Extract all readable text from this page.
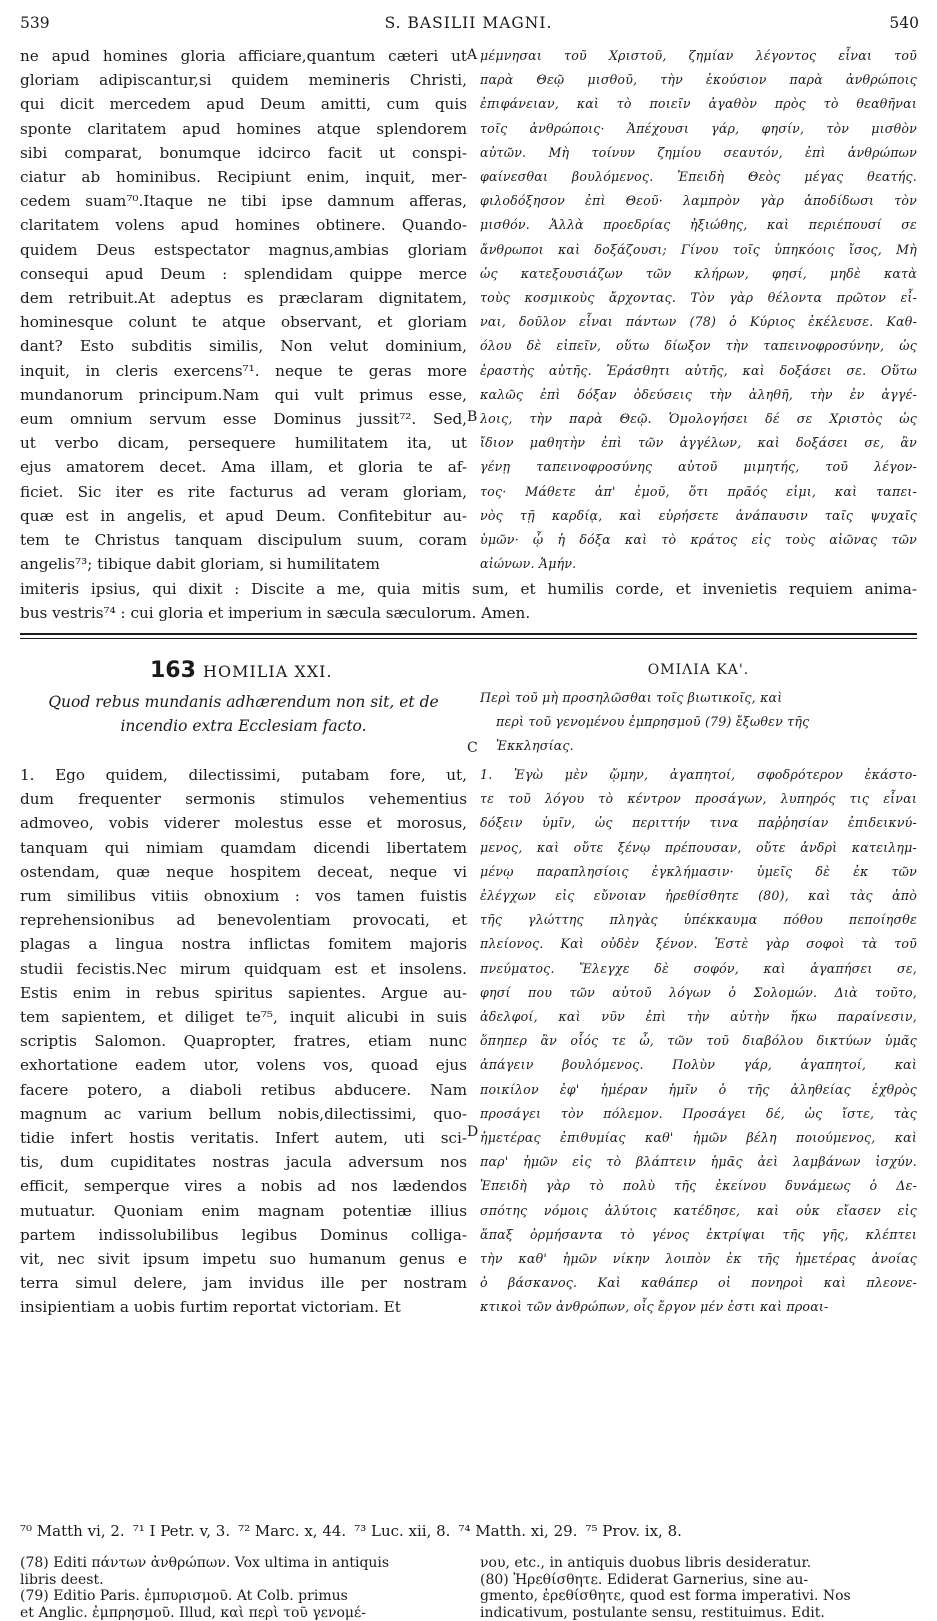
539	S. BASILII MAGNI.	540
ne apud homines gloria afficiare,quantum cæteri ut
gloriam adipiscantur,si quidem memineris Christi,
qui dicit mercedem apud Deum amitti, cum quis
sponte claritatem apud homines atque splendorem
sibi comparat, bonumque idcirco facit ut conspi-
ciatur ab hominibus. Recipiunt enim, inquit, mer-
cedem suam⁷⁰.Itaque ne tibi ipse damnum afferas,
claritatem volens apud homines obtinere. Quando-
quidem Deus estspectator magnus,ambias gloriam
consequi apud Deum : splendidam quippe merce
dem retribuit.At adeptus es præclaram dignitatem,
hominesque colunt te atque observant, et gloriam
dant? Esto subditis similis, Non velut dominium,
inquit, in cleris exercens⁷¹. neque te geras more
mundanorum principum.Nam qui vult primus esse,
eum omnium servum esse Dominus jussit⁷². Sed,
ut verbo dicam, persequere humilitatem ita, ut
ejus amatorem decet. Ama illam, et gloria te af-
ficiet. Sic iter es rite facturus ad veram gloriam,
quæ est in angelis, et apud Deum. Confitebitur au-
tem te Christus tanquam discipulum suum, coram
angelis⁷³; tibique dabit gloriam, si humilitatem
μέμνησαι τοῦ Χριστοῦ, ζημίαν λέγοντος εἶναι τοῦ
παρὰ Θεῷ μισθοῦ, τὴν ἑκούσιον παρὰ ἀνθρώποις
ἐπιφάνειαν, καὶ τὸ ποιεῖν ἀγαθὸν πρὸς τὸ θεαθῆναι
τοῖς ἀνθρώποις· Ἀπέχουσι γάρ, φησίν, τὸν μισθὸν
αὐτῶν. Μὴ τοίνυν ζημίου σεαυτόν, ἐπὶ ἀνθρώπων
φαίνεσθαι βουλόμενος. Ἐπειδὴ Θεὸς μέγας θεατής.
φιλοδόξησον ἐπὶ Θεοῦ· λαμπρὸν γὰρ ἀποδίδωσι τὸν
μισθόν. Ἀλλὰ προεδρίας ἠξιώθης, καὶ περιέπουσί σε
ἄνθρωποι καὶ δοξάζουσι; Γίνου τοῖς ὑπηκόοις ἴσος, Μὴ
ὡς κατεξουσιάζων τῶν κλήρων, φησί, μηδὲ κατὰ
τοὺς κοσμικοὺς ἄρχοντας. Τὸν γὰρ θέλοντα πρῶτον εἶ-
ναι, δοῦλον εἶναι πάντων (78) ὁ Κύριος ἐκέλευσε. Καθ-
όλου δὲ εἰπεῖν, οὕτω δίωξον τὴν ταπεινοφροσύνην, ὡς
ἐραστὴς αὐτῆς. Ἐράσθητι αὐτῆς, καὶ δοξάσει σε. Οὕτω
καλῶς ἐπὶ δόξαν ὁδεύσεις τὴν ἀληθῆ, τὴν ἐν ἀγγέ-
λοις, τὴν παρὰ Θεῷ. Ὁμολογήσει δέ σε Χριστὸς ὡς
ἴδιον μαθητὴν ἐπὶ τῶν ἀγγέλων, καὶ δοξάσει σε, ἂν
γένῃ ταπεινοφροσύνης αὐτοῦ μιμητής, τοῦ λέγον-
τος· Μάθετε ἀπ' ἐμοῦ, ὅτι πρᾶός εἰμι, καὶ ταπει-
νὸς τῇ καρδίᾳ, καὶ εὑρήσετε ἀνάπαυσιν ταῖς ψυχαῖς
ὑμῶν· ᾧ ἡ δόξα καὶ τὸ κράτος εἰς τοὺς αἰῶνας τῶν
αἰώνων. Ἀμήν.
imiteris ipsius, qui dixit : Discite a me, quia mitis sum, et humilis corde, et invenietis requiem anima-
bus vestris⁷⁴ : cui gloria et imperium in sæcula sæculorum. Amen.
A
B
C
D
163 HOMILIA XXI.
Quod rebus mundanis adhærendum non sit, et de
incendio extra Ecclesiam facto.
ΟΜΙΛΙΑ ΚΑ'.
Περὶ τοῦ μὴ προσηλῶσθαι τοῖς βιωτικοῖς, καὶ
περὶ τοῦ γενομένου ἐμπρησμοῦ (79) ἔξωθεν τῆς
Ἐκκλησίας.
1. Ego quidem, dilectissimi, putabam fore, ut,
dum frequenter sermonis stimulos vehementius
admoveo, vobis viderer molestus esse et morosus,
tanquam qui nimiam quamdam dicendi libertatem
ostendam, quæ neque hospitem deceat, neque vi
rum similibus vitiis obnoxium : vos tamen fuistis
reprehensionibus ad benevolentiam provocati, et
plagas a lingua nostra inflictas fomitem majoris
studii fecistis.Nec mirum quidquam est et insolens.
Estis enim in rebus spiritus sapientes. Argue au-
tem sapientem, et diliget te⁷⁵, inquit alicubi in suis
scriptis Salomon. Quapropter, fratres, etiam nunc
exhortatione eadem utor, volens vos, quoad ejus
facere potero, a diaboli retibus abducere. Nam
magnum ac varium bellum nobis,dilectissimi, quo-
tidie infert hostis veritatis. Infert autem, uti sci-
tis, dum cupiditates nostras jacula adversum nos
efficit, semperque vires a nobis ad nos lædendos
mutuatur. Quoniam enim magnam potentiæ illius
partem indissolubilibus legibus Dominus colliga-
vit, nec sivit ipsum impetu suo humanum genus e
terra simul delere, jam invidus ille per nostram
insipientiam a uobis furtim reportat victoriam. Et
1. Ἐγὼ μὲν ᾤμην, ἀγαπητοί, σφοδρότερον ἑκάστο-
τε τοῦ λόγου τὸ κέντρον προσάγων, λυπηρός τις εἶναι
δόξειν ὑμῖν, ὡς περιττήν τινα παῤῥησίαν ἐπιδεικνύ-
μενος, καὶ οὔτε ξένῳ πρέπουσαν, οὔτε ἀνδρὶ κατειλημ-
μένῳ παραπλησίοις ἐγκλήμασιν· ὑμεῖς δὲ ἐκ τῶν
ἐλέγχων εἰς εὔνοιαν ἠρεθίσθητε (80), καὶ τὰς ἀπὸ
τῆς γλώττης πληγὰς ὑπέκκαυμα πόθου πεποίησθε
πλείονος. Καὶ οὐδὲν ξένον. Ἐστὲ γὰρ σοφοὶ τὰ τοῦ
πνεύματος. Ἔλεγχε δὲ σοφόν, καὶ ἀγαπήσει σε,
φησί που τῶν αὐτοῦ λόγων ὁ Σολομών. Διὰ τοῦτο,
ἀδελφοί, καὶ νῦν ἐπὶ τὴν αὐτὴν ἥκω παραίνεσιν,
ὅπηπερ ἂν οἷός τε ὦ, τῶν τοῦ διαβόλου δικτύων ὑμᾶς
ἀπάγειν βουλόμενος. Πολὺν γάρ, ἀγαπητοί, καὶ
ποικίλον ἐφ' ἡμέραν ἡμῖν ὁ τῆς ἀληθείας ἐχθρὸς
προσάγει τὸν πόλεμον. Προσάγει δέ, ὡς ἴστε, τὰς
ἡμετέρας ἐπιθυμίας καθ' ἡμῶν βέλη ποιούμενος, καὶ
παρ' ἡμῶν εἰς τὸ βλάπτειν ἡμᾶς ἀεὶ λαμβάνων ἰσχύν.
Ἐπειδὴ γὰρ τὸ πολὺ τῆς ἐκείνου δυνάμεως ὁ Δε-
σπότης νόμοις ἀλύτοις κατέδησε, καὶ οὐκ εἴασεν εἰς
ἅπαξ ὁρμήσαντα τὸ γένος ἐκτρίψαι τῆς γῆς, κλέπτει
τὴν καθ' ἡμῶν νίκην λοιπὸν ἐκ τῆς ἡμετέρας ἀνοίας
ὁ βάσκανος. Καὶ καθάπερ οἱ πονηροὶ καὶ πλεονε-
κτικοὶ τῶν ἀνθρώπων, οἷς ἔργον μέν ἐστι καὶ προαι-
⁷⁰ Matth vi, 2. ⁷¹ I Petr. v, 3. ⁷² Marc. x, 44. ⁷³ Luc. xii, 8. ⁷⁴ Matth. xi, 29. ⁷⁵ Prov. ix, 8.
(78) Editi πάντων ἀνθρώπων. Vox ultima in antiquis
libris deest.
(79) Editio Paris. ἐμπυρισμοῦ. At Colb. primus
et Anglic. ἐμπρησμοῦ. Illud, καὶ περὶ τοῦ γενομέ-
νου, etc., in antiquis duobus libris desideratur.
(80) Ἠρεθίσθητε. Ediderat Garnerius, sine au-
gmento, ἐρεθίσθητε, quod est forma imperativi. Nos
indicativum, postulante sensu, restituimus. Edit.
